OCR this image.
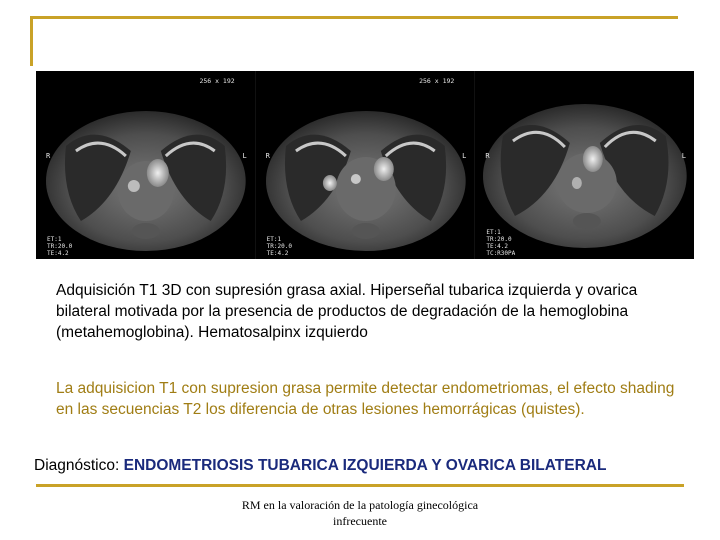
256 x 192
R	L
ET:1
TR:20.0
TE:4.2
256 x 192
R	L
ET:1
TR:20.0
TE:4.2
R	L
ET:1
TR:20.0
TE:4.2
TC:R30PA

Adquisición T1 3D con supresión grasa axial. Hiperseñal tubarica izquierda y ovarica bilateral motivada por la presencia de productos de degradación de la hemoglobina (metahemoglobina). Hematosalpinx izquierdo

La adquisicion T1 con supresion grasa permite detectar endometriomas, el efecto shading en las secuencias T2 los diferencia de otras lesiones hemorrágicas (quistes).

Diagnóstico: ENDOMETRIOSIS TUBARICA IZQUIERDA Y OVARICA BILATERAL

RM en la valoración de la patología ginecológica
infrecuente
